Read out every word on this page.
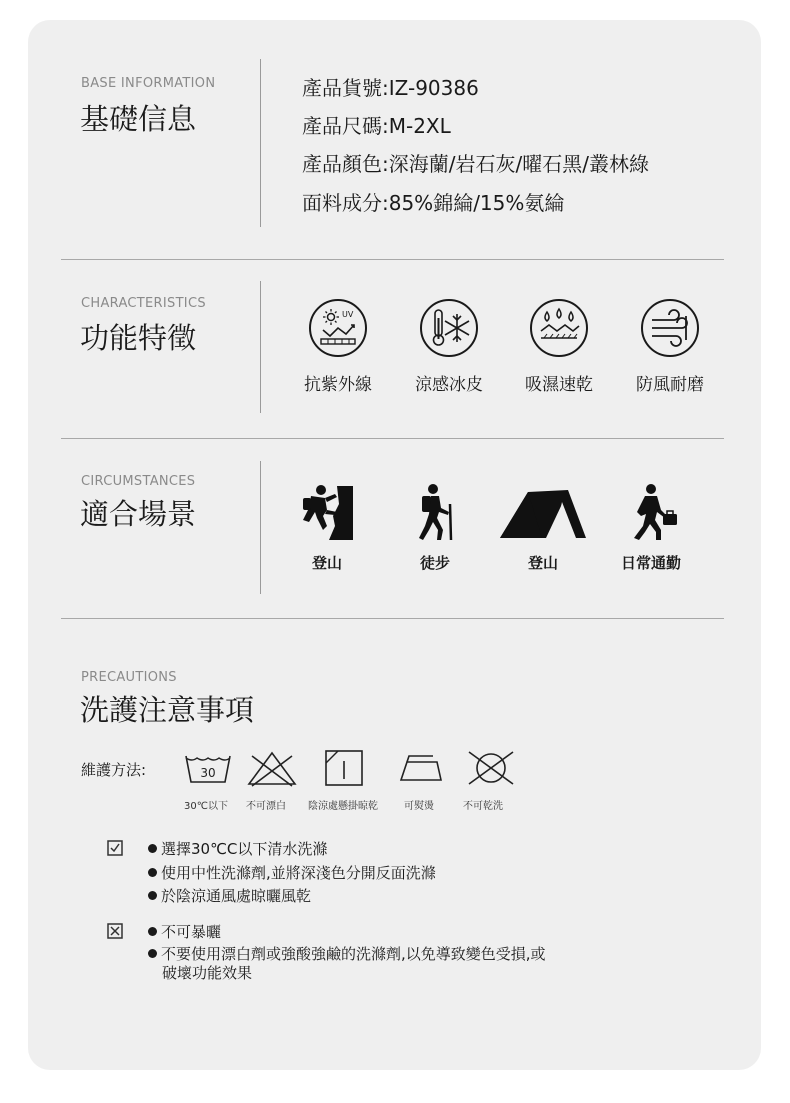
BASE INFORMATION
基礎信息
產品貨號:IZ-90386
產品尺碼:M-2XL
產品顏色:深海蘭/岩石灰/曜石黑/叢林綠
面料成分:85%錦綸/15%氨綸
CHARACTERISTICS
功能特徵
UV
抗紫外線	涼感冰皮	吸濕速乾	防風耐磨
CIRCUMSTANCES
適合場景
登山	徒步	登山	日常通勤
PRECAUTIONS
洗護注意事項
維護方法:	30
30℃以下 不可漂白 陰涼處懸掛晾乾	可熨燙	不可乾洗
選擇30℃C以下清水洗滌
使用中性洗滌劑,並將深淺色分開反面洗滌
於陰涼通風處晾曬風乾
不可暴曬
不要使用漂白劑或強酸強鹼的洗滌劑,以免導致變色受損,或
破壞功能效果
